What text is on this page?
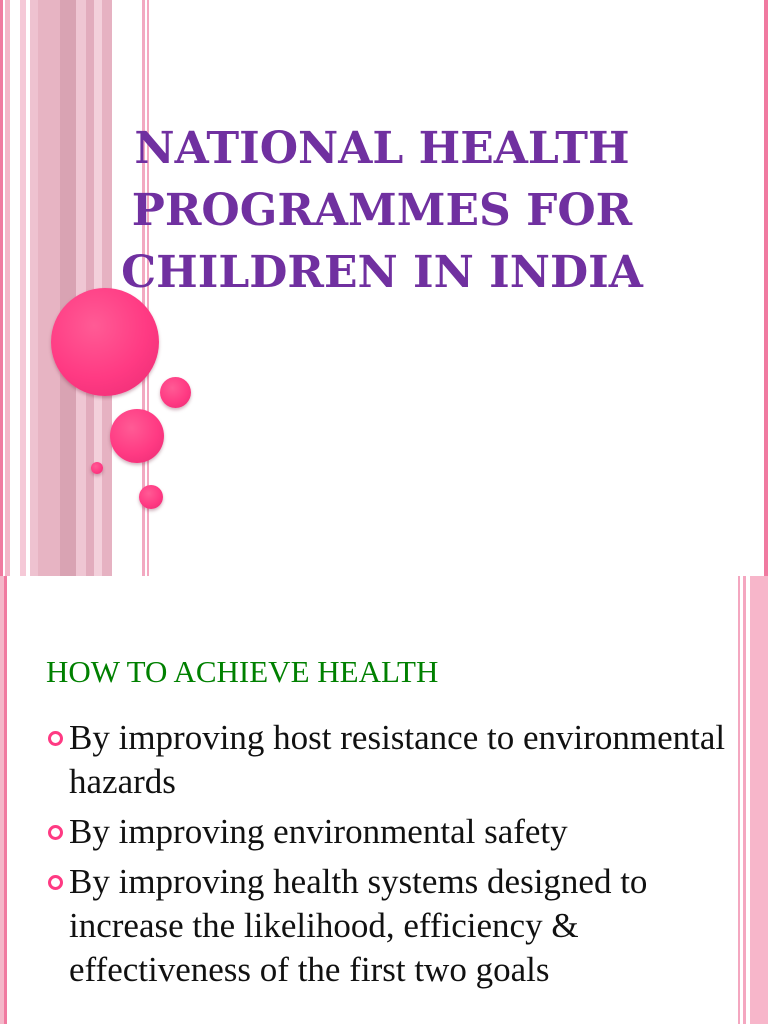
NATIONAL HEALTH
PROGRAMMES FOR
CHILDREN IN INDIA
HOW TO ACHIEVE HEALTH
By improving host resistance to environmental hazards
By improving environmental safety
By improving health systems designed to increase the likelihood, efficiency & effectiveness of the first two goals
